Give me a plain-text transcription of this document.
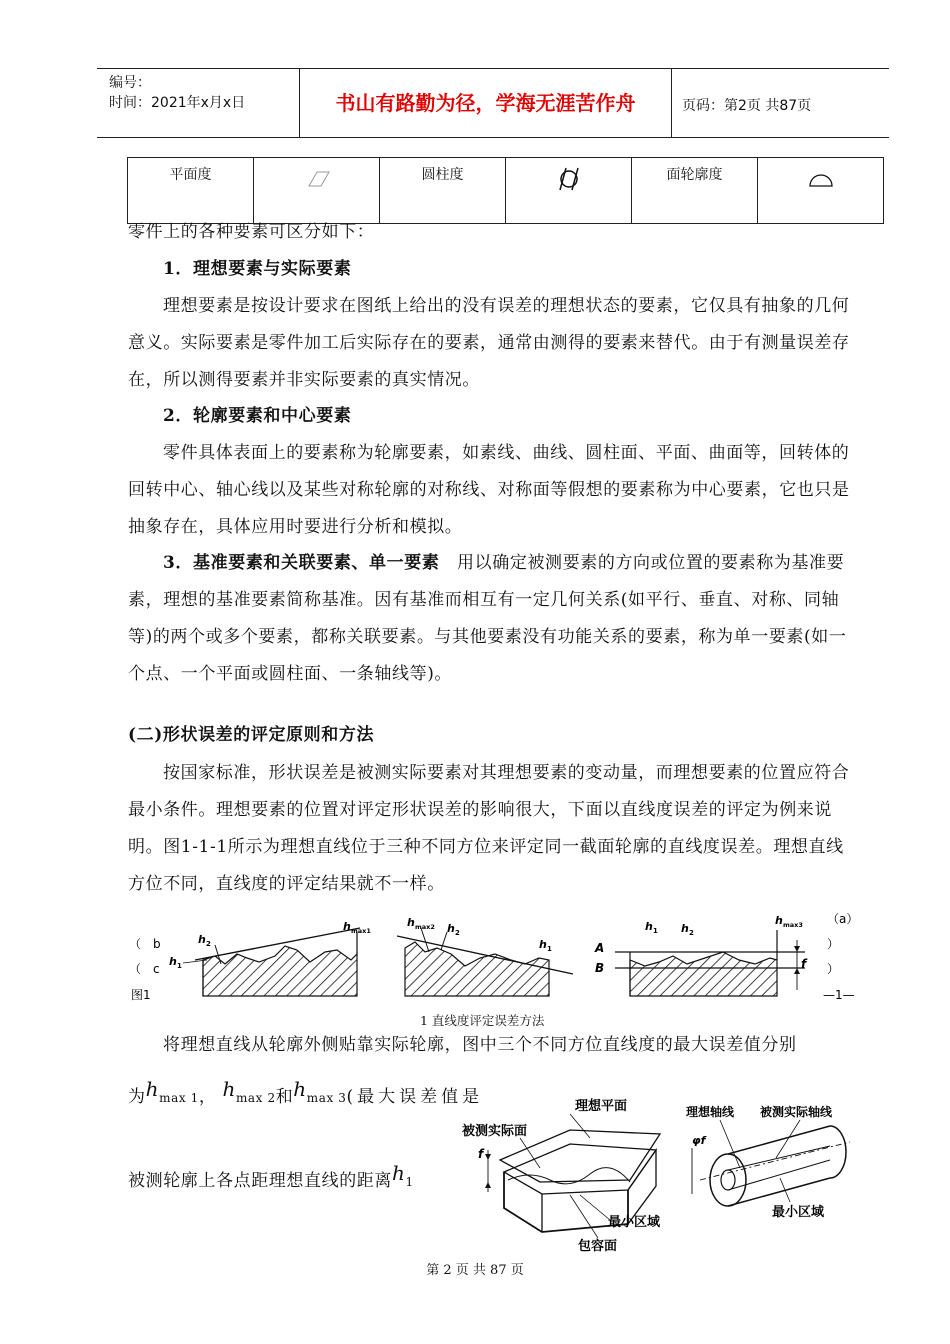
编号：
时间：2021年x月x日	书山有路勤为径，学海无涯苦作舟	页码：第2页 共87页
平面度		圆柱度		面轮廓度	
零件上的各种要素可区分如下：
1．理想要素与实际要素
理想要素是按设计要求在图纸上给出的没有误差的理想状态的要素，它仅具有抽象的几何意义。实际要素是零件加工后实际存在的要素，通常由测得的要素来替代。由于有测量误差存在，所以测得要素并非实际要素的真实情况。
2．轮廓要素和中心要素
零件具体表面上的要素称为轮廓要素，如素线、曲线、圆柱面、平面、曲面等，回转体的回转中心、轴心线以及某些对称轮廓的对称线、对称面等假想的要素称为中心要素，它也只是抽象存在，具体应用时要进行分析和模拟。
3．基准要素和关联要素、单一要素　 用以确定被测要素的方向或位置的要素称为基准要素，理想的基准要素简称基准。因有基准而相互有一定几何关系(如平行、垂直、对称、同轴等)的两个或多个要素，都称关联要素。与其他要素没有功能关系的要素，称为单一要素(如一个点、一个平面或圆柱面、一条轴线等)。
(二)形状误差的评定原则和方法
按国家标准，形状误差是被测实际要素对其理想要素的变动量，而理想要素的位置应符合最小条件。理想要素的位置对评定形状误差的影响很大，下面以直线度误差的评定为例来说明。图1-1-1所示为理想直线位于三种不同方位来评定同一截面轮廓的直线度误差。理想直线方位不同，直线度的评定结果就不一样。
（　b
（　c
图1
（a）
）
）
—1—
h 2
h 1
h max1
h max2 h 2
h 1	A
B	f
h 1 h 2
h max3
1 直线度评定误差方法
将理想直线从轮廓外侧贴靠实际轮廓，图中三个不同方位直线度的最大误差值分别
为hmax 1， hmax 2和hmax 3(最大误差值是
被测轮廓上各点距理想直线的距离h1
理想平面
被测实际面
f
最小区域
包容面
理想轴线 被测实际轴线
φf
最小区域
第 2 页 共 87 页
